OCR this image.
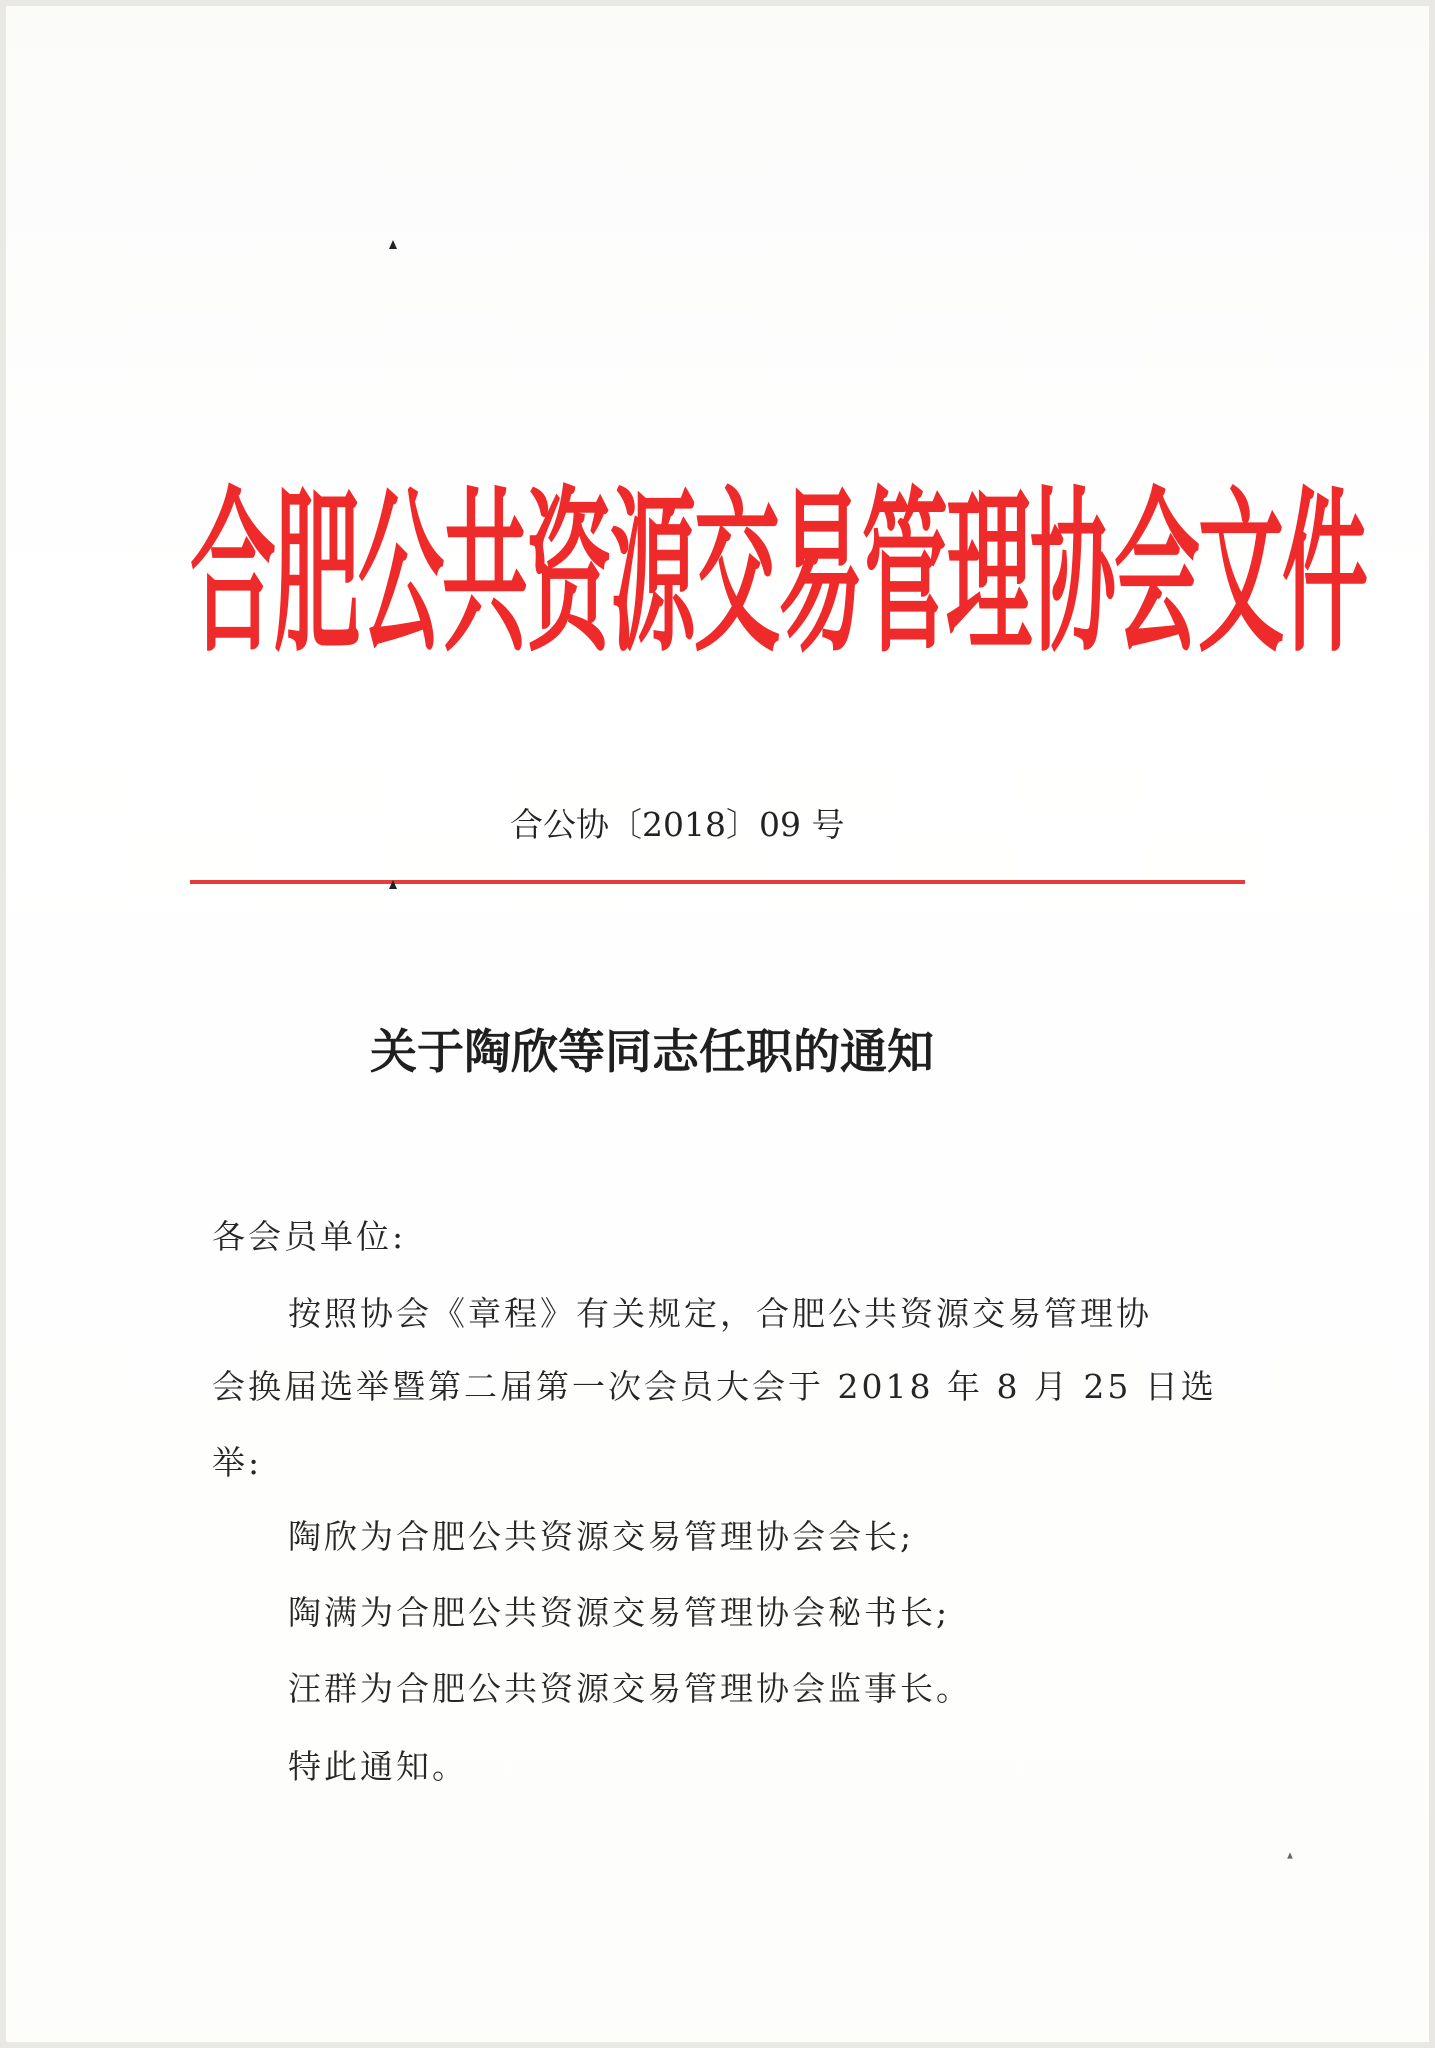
合肥公共资源交易管理协会文件
合公协〔2018〕09 号
关于陶欣等同志任职的通知
各会员单位:
按照协会《章程》有关规定，合肥公共资源交易管理协
会换届选举暨第二届第一次会员大会于 2018 年 8 月 25 日选
举:
陶欣为合肥公共资源交易管理协会会长;
陶满为合肥公共资源交易管理协会秘书长;
汪群为合肥公共资源交易管理协会监事长。
特此通知。
